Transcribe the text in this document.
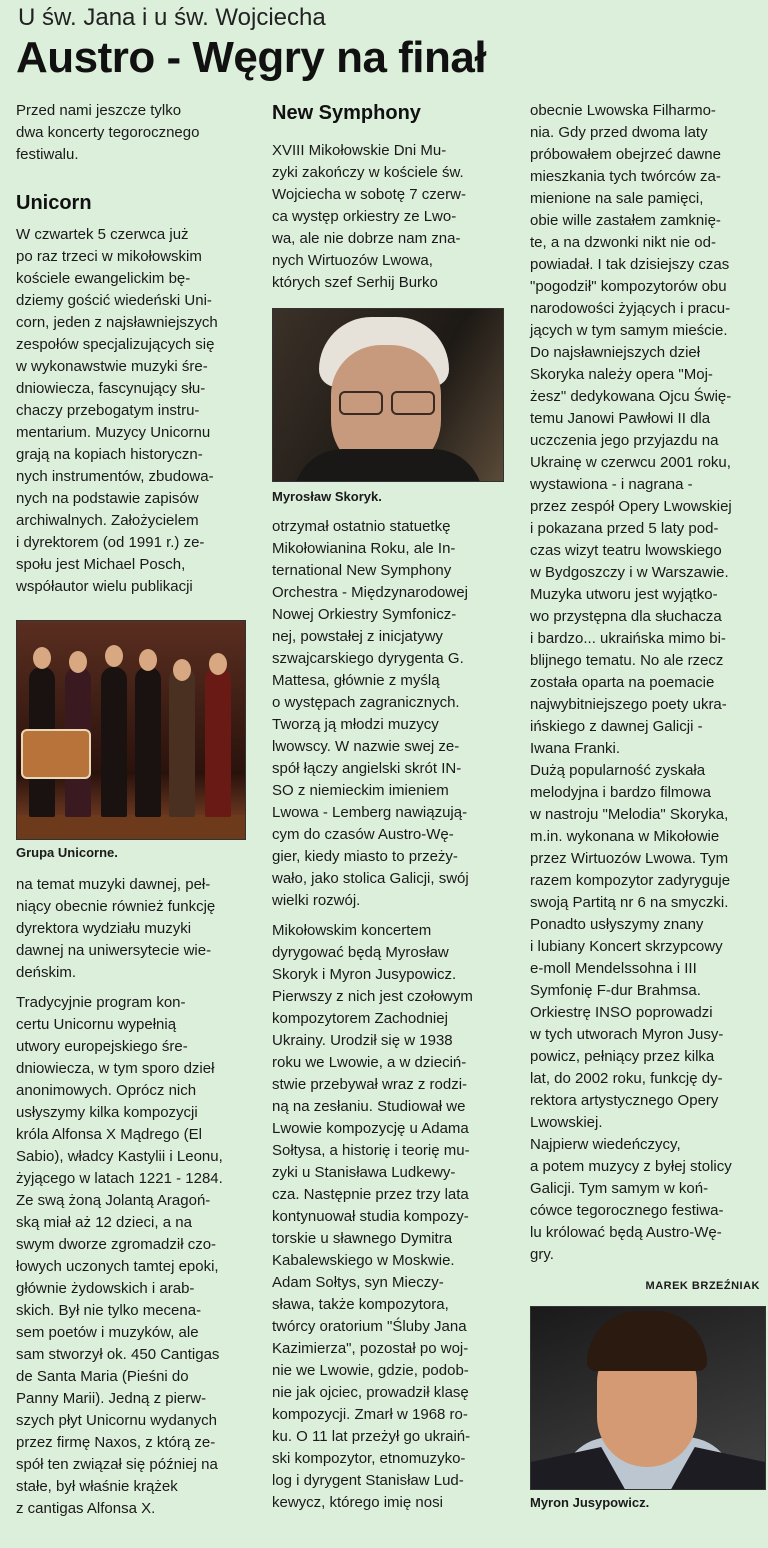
U św. Jana i u św. Wojciecha
Austro - Węgry na finał

Przed nami jeszcze tylko
dwa koncerty tegorocznego
festiwalu.

Unicorn

W czwartek 5 czerwca już
po raz trzeci w mikołowskim
kościele ewangelickim bę-
dziemy gościć wiedeński Uni-
corn, jeden z najsławniejszych
zespołów specjalizujących się
w wykonawstwie muzyki śre-
dniowiecza, fascynujący słu-
chaczy przebogatym instru-
mentarium. Muzycy Unicornu
grają na kopiach historyczn-
nych instrumentów, zbudowa-
nych na podstawie zapisów
archiwalnych. Założycielem
i dyrektorem (od 1991 r.) ze-
społu jest Michael Posch,
współautor wielu publikacji

Grupa Unicorne.

na temat muzyki dawnej, peł-
niący obecnie również funkcję
dyrektora wydziału muzyki
dawnej na uniwersytecie wie-
deńskim.

Tradycyjnie program kon-
certu Unicornu wypełnią
utwory europejskiego śre-
dniowiecza, w tym sporo dzieł
anonimowych. Oprócz nich
usłyszymy kilka kompozycji
króla Alfonsa X Mądrego (El
Sabio), władcy Kastylii i Leonu,
żyjącego w latach 1221 - 1284.
Ze swą żoną Jolantą Aragoń-
ską miał aż 12 dzieci, a na
swym dworze zgromadził czo-
łowych uczonych tamtej epoki,
głównie żydowskich i arab-
skich. Był nie tylko mecena-
sem poetów i muzyków, ale
sam stworzył ok. 450 Cantigas
de Santa Maria (Pieśni do
Panny Marii). Jedną z pierw-
szych płyt Unicornu wydanych
przez firmę Naxos, z którą ze-
spół ten związał się później na
stałe, był właśnie krążek
z cantigas Alfonsa X.

New Symphony

XVIII Mikołowskie Dni Mu-
zyki zakończy w kościele św.
Wojciecha w sobotę 7 czerw-
ca występ orkiestry ze Lwo-
wa, ale nie dobrze nam zna-
nych Wirtuozów Lwowa,
których szef Serhij Burko

Myrosław Skoryk.

otrzymał ostatnio statuetkę
Mikołowianina Roku, ale In-
ternational New Symphony
Orchestra - Międzynarodowej
Nowej Orkiestry Symfonicz-
nej, powstałej z inicjatywy
szwajcarskiego dyrygenta G.
Mattesa, głównie z myślą
o występach zagranicznych.
Tworzą ją młodzi muzycy
lwowscy. W nazwie swej ze-
spół łączy angielski skrót IN-
SO z niemieckim imieniem
Lwowa - Lemberg nawiązują-
cym do czasów Austro-Wę-
gier, kiedy miasto to przeży-
wało, jako stolica Galicji, swój
wielki rozwój.

Mikołowskim koncertem
dyrygować będą Myrosław
Skoryk i Myron Jusypowicz.
Pierwszy z nich jest czołowym
kompozytorem Zachodniej
Ukrainy. Urodził się w 1938
roku we Lwowie, a w dzieciń-
stwie przebywał wraz z rodzi-
ną na zesłaniu. Studiował we
Lwowie kompozycję u Adama
Sołtysa, a historię i teorię mu-
zyki u Stanisława Ludkewy-
cza. Następnie przez trzy lata
kontynuował studia kompozy-
torskie u sławnego Dymitra
Kabalewskiego w Moskwie.

Adam Sołtys, syn Mieczy-
sława, także kompozytora,
twórcy oratorium "Śluby Jana
Kazimierza", pozostał po woj-
nie we Lwowie, gdzie, podob-
nie jak ojciec, prowadził klasę
kompozycji. Zmarł w 1968 ro-
ku. O 11 lat przeżył go ukraiń-
ski kompozytor, etnomuzyko-
log i dyrygent Stanisław Lud-
kewycz, którego imię nosi

obecnie Lwowska Filharmo-
nia. Gdy przed dwoma laty
próbowałem obejrzeć dawne
mieszkania tych twórców za-
mienione na sale pamięci,
obie wille zastałem zamknię-
te, a na dzwonki nikt nie od-
powiadał. I tak dzisiejszy czas
"pogodził" kompozytorów obu
narodowości żyjących i pracu-
jących w tym samym mieście.

Do najsławniejszych dzieł
Skoryka należy opera "Moj-
żesz" dedykowana Ojcu Świę-
temu Janowi Pawłowi II dla
uczczenia jego przyjazdu na
Ukrainę w czerwcu 2001 roku,
wystawiona - i nagrana -
przez zespół Opery Lwowskiej
i pokazana przed 5 laty pod-
czas wizyt teatru lwowskiego
w Bydgoszczy i w Warszawie.
Muzyka utworu jest wyjątko-
wo przystępna dla słuchacza
i bardzo... ukraińska mimo bi-
blijnego tematu. No ale rzecz
została oparta na poemacie
najwybitniejszego poety ukra-
ińskiego z dawnej Galicji -
Iwana Franki.

Dużą popularność zyskała
melodyjna i bardzo filmowa
w nastroju "Melodia" Skoryka,
m.in. wykonana w Mikołowie
przez Wirtuozów Lwowa. Tym
razem kompozytor zadyryguje
swoją Partitą nr 6 na smyczki.

Ponadto usłyszymy znany
i lubiany Koncert skrzypcowy
e-moll Mendelssohna i III
Symfonię F-dur Brahmsa.
Orkiestrę INSO poprowadzi
w tych utworach Myron Jusy-
powicz, pełniący przez kilka
lat, do 2002 roku, funkcję dy-
rektora artystycznego Opery
Lwowskiej.

Najpierw wiedeńczycy,
a potem muzycy z byłej stolicy
Galicji. Tym samym w koń-
cówce tegorocznego festiwa-
lu królować będą Austro-Wę-
gry.

MAREK BRZEŹNIAK

Myron Jusypowicz.
